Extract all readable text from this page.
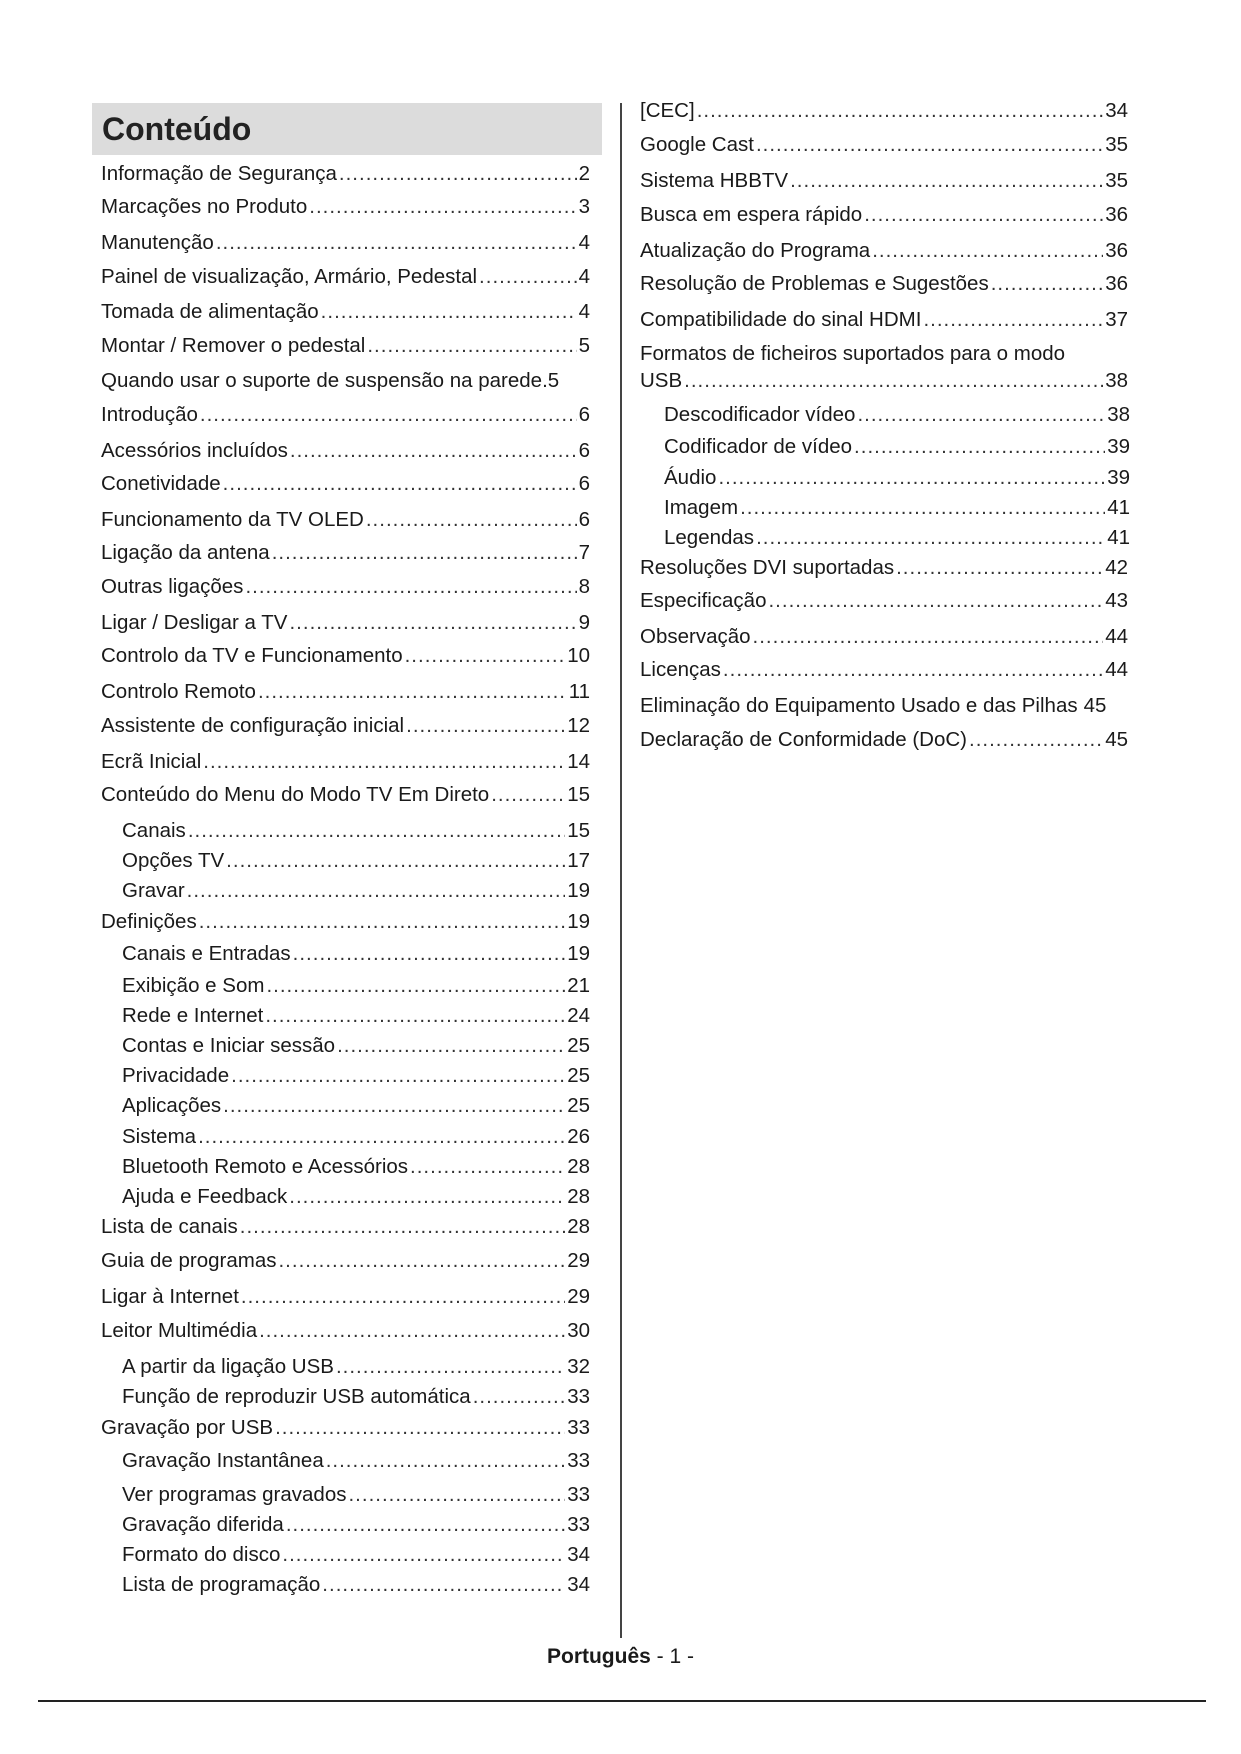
Conteúdo
Informação de Segurança .....	2
Marcações no Produto .....	3
Manutenção .....	4
Painel de visualização, Armário, Pedestal .....	4
Tomada de alimentação .....	4
Montar / Remover o pedestal .....	5
Quando usar o suporte de suspensão na parede . 5
Introdução .....	6
Acessórios incluídos .....	6
Conetividade .....	6
Funcionamento da TV OLED .....	6
Ligação da antena .....	7
Outras ligações .....	8
Ligar / Desligar a TV .....	9
Controlo da TV e Funcionamento .....	10
Controlo Remoto .....	11
Assistente de configuração inicial .....	12
Ecrã Inicial .....	14
Conteúdo do Menu do Modo TV Em Direto .....	15
Canais .....	15
Opções TV .....	17
Gravar .....	19
Definições .....	19
Canais e Entradas .....	19
Exibição e Som .....	21
Rede e Internet .....	24
Contas e Iniciar sessão .....	25
Privacidade .....	25
Aplicações .....	25
Sistema .....	26
Bluetooth Remoto e Acessórios .....	28
Ajuda e Feedback .....	28
Lista de canais .....	28
Guia de programas .....	29
Ligar à Internet .....	29
Leitor Multimédia .....	30
A partir da ligação USB .....	32
Função de reproduzir USB automática .....	33
Gravação por USB .....	33
Gravação Instantânea .....	33
Ver programas gravados .....	33
Gravação diferida .....	33
Formato do disco .....	34
Lista de programação .....	34
[CEC] .....	34
Google Cast .....	35
Sistema HBBTV .....	35
Busca em espera rápido .....	36
Atualização do Programa .....	36
Resolução de Problemas e Sugestões .....	36
Compatibilidade do sinal HDMI .....	37
Formatos de ficheiros suportados para o modo
USB .....	38
Descodificador vídeo .....	38
Codificador de vídeo .....	39
Áudio .....	39
Imagem .....	41
Legendas .....	41
Resoluções DVI suportadas .....	42
Especificação .....	43
Observação .....	44
Licenças .....	44
Eliminação do Equipamento Usado e das Pilhas 45
Declaração de Conformidade (DoC) .....	45
Português - 1 -
